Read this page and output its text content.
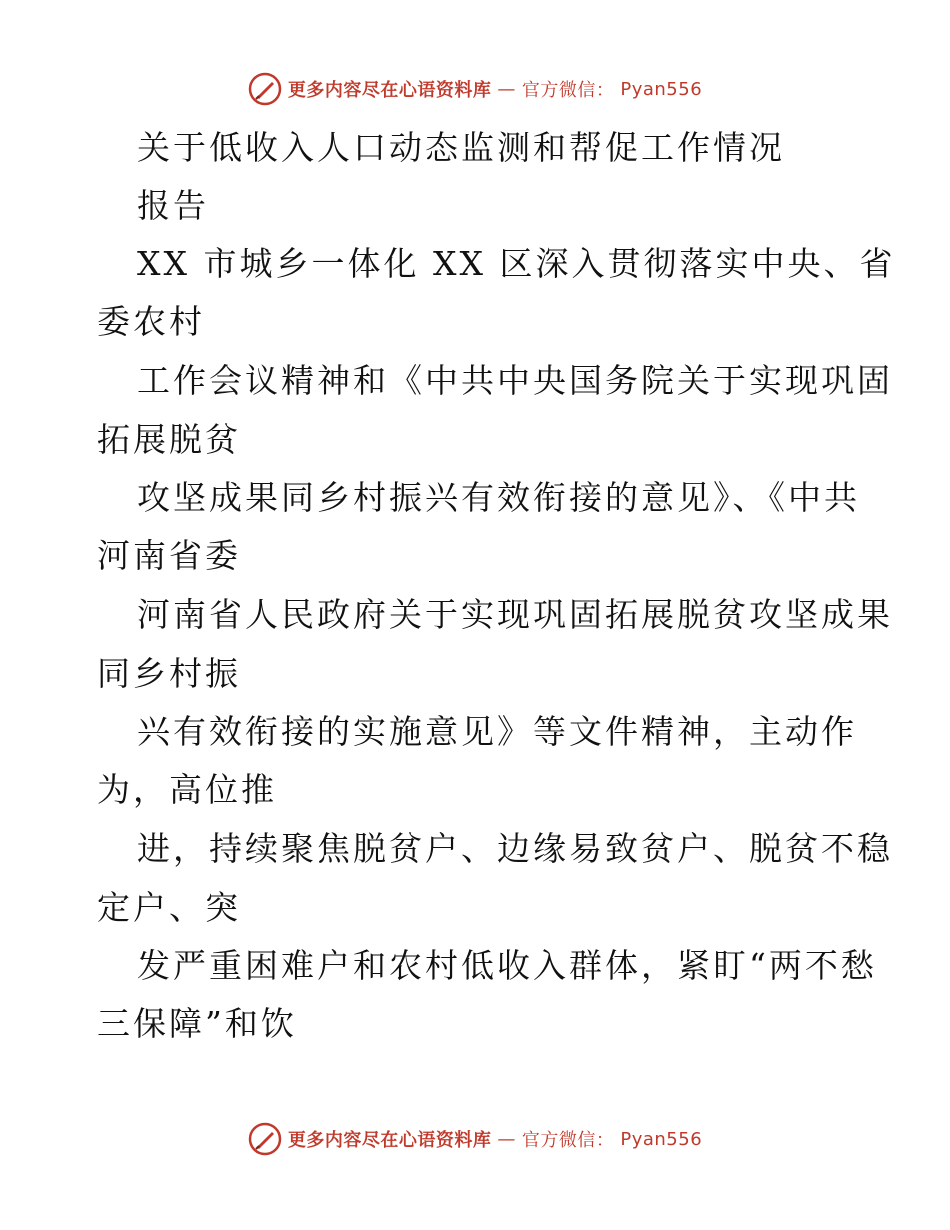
更多内容尽在心语资料库 — 官方微信： Pyan556
关于低收入人口动态监测和帮促工作情况
报告
XX 市城乡一体化 XX 区深入贯彻落实中央、省
委农村
工作会议精神和《中共中央国务院关于实现巩固
拓展脱贫
攻坚成果同乡村振兴有效衔接的意见》、《中共
河南省委
河南省人民政府关于实现巩固拓展脱贫攻坚成果
同乡村振
兴有效衔接的实施意见》等文件精神，主动作
为，高位推
进，持续聚焦脱贫户、边缘易致贫户、脱贫不稳
定户、突
发严重困难户和农村低收入群体，紧盯“两不愁
三保障”和饮
更多内容尽在心语资料库 — 官方微信： Pyan556
